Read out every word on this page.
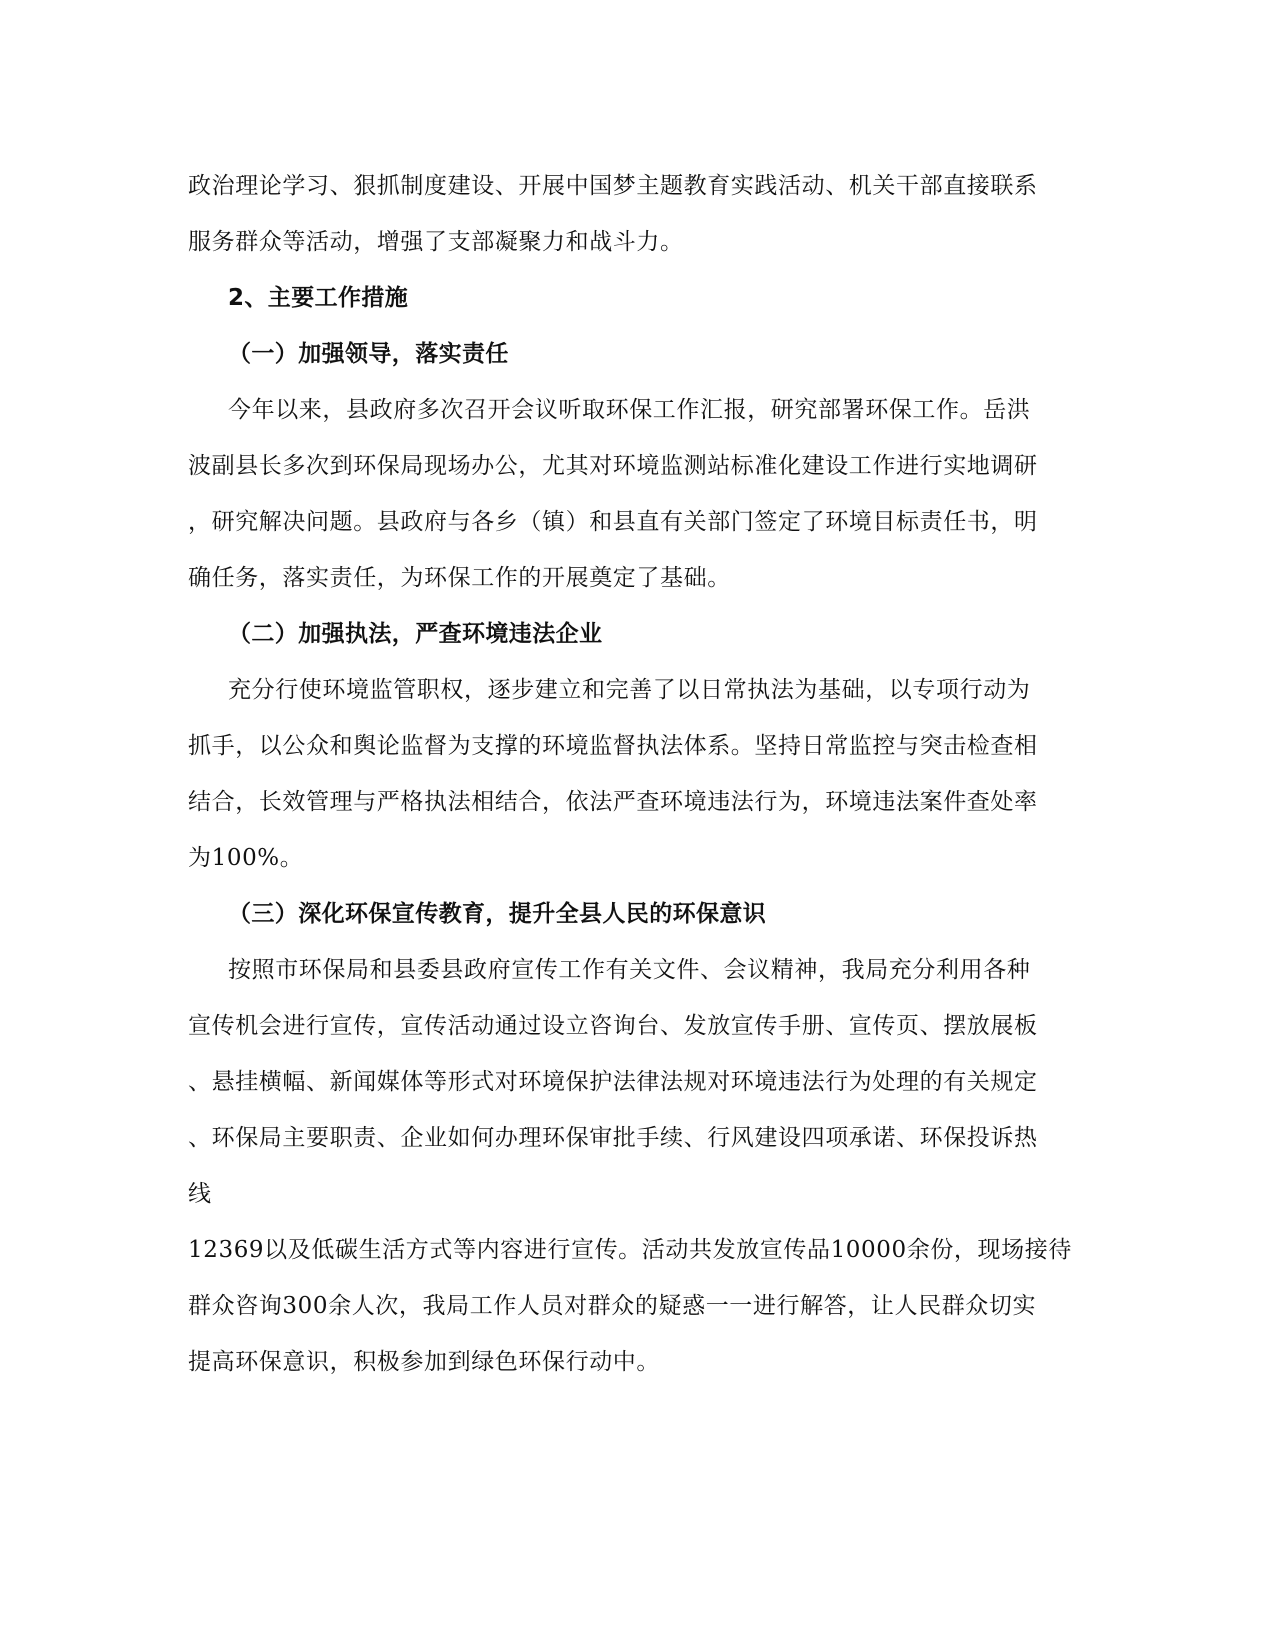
政治理论学习、狠抓制度建设、开展中国梦主题教育实践活动、机关干部直接联系

服务群众等活动，增强了支部凝聚力和战斗力。

2、主要工作措施

（一）加强领导，落实责任

今年以来，县政府多次召开会议听取环保工作汇报，研究部署环保工作。岳洪

波副县长多次到环保局现场办公，尤其对环境监测站标准化建设工作进行实地调研

，研究解决问题。县政府与各乡（镇）和县直有关部门签定了环境目标责任书，明

确任务，落实责任，为环保工作的开展奠定了基础。

（二）加强执法，严查环境违法企业

充分行使环境监管职权，逐步建立和完善了以日常执法为基础，以专项行动为

抓手，以公众和舆论监督为支撑的环境监督执法体系。坚持日常监控与突击检查相

结合，长效管理与严格执法相结合，依法严查环境违法行为，环境违法案件查处率

为100%。

（三）深化环保宣传教育，提升全县人民的环保意识

按照市环保局和县委县政府宣传工作有关文件、会议精神，我局充分利用各种

宣传机会进行宣传，宣传活动通过设立咨询台、发放宣传手册、宣传页、摆放展板

、悬挂横幅、新闻媒体等形式对环境保护法律法规对环境违法行为处理的有关规定

、环保局主要职责、企业如何办理环保审批手续、行风建设四项承诺、环保投诉热

线

12369以及低碳生活方式等内容进行宣传。活动共发放宣传品10000余份，现场接待

群众咨询300余人次，我局工作人员对群众的疑惑一一进行解答，让人民群众切实

提高环保意识，积极参加到绿色环保行动中。
